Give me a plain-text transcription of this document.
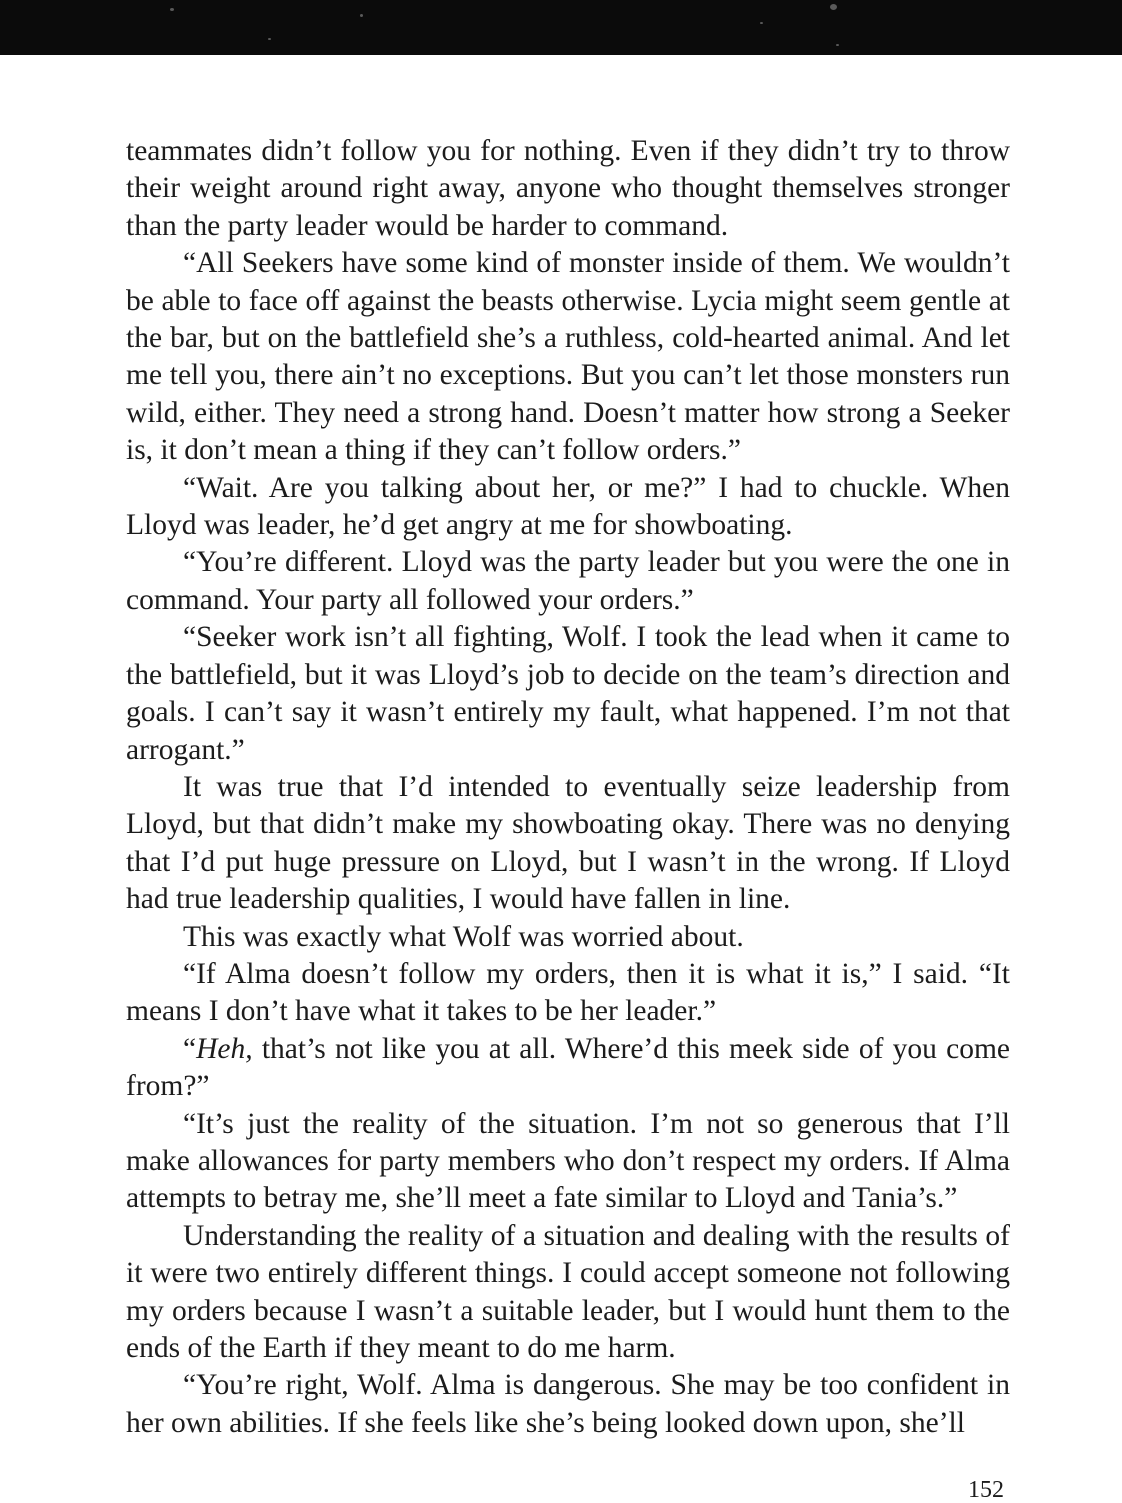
teammates didn’t follow you for nothing. Even if they didn’t try to throw their weight around right away, anyone who thought themselves stronger than the party leader would be harder to command.

“All Seekers have some kind of monster inside of them. We wouldn’t be able to face off against the beasts otherwise. Lycia might seem gentle at the bar, but on the battlefield she’s a ruthless, cold-hearted animal. And let me tell you, there ain’t no exceptions. But you can’t let those monsters run wild, either. They need a strong hand. Doesn’t matter how strong a Seeker is, it don’t mean a thing if they can’t follow orders.”

“Wait. Are you talking about her, or me?” I had to chuckle. When Lloyd was leader, he’d get angry at me for showboating.

“You’re different. Lloyd was the party leader but you were the one in command. Your party all followed your orders.”

“Seeker work isn’t all fighting, Wolf. I took the lead when it came to the battlefield, but it was Lloyd’s job to decide on the team’s direction and goals. I can’t say it wasn’t entirely my fault, what happened. I’m not that arrogant.”

It was true that I’d intended to eventually seize leadership from Lloyd, but that didn’t make my showboating okay. There was no denying that I’d put huge pressure on Lloyd, but I wasn’t in the wrong. If Lloyd had true leadership qualities, I would have fallen in line.

This was exactly what Wolf was worried about.

“If Alma doesn’t follow my orders, then it is what it is,” I said. “It means I don’t have what it takes to be her leader.”

“Heh, that’s not like you at all. Where’d this meek side of you come from?”

“It’s just the reality of the situation. I’m not so generous that I’ll make allowances for party members who don’t respect my orders. If Alma attempts to betray me, she’ll meet a fate similar to Lloyd and Tania’s.”

Understanding the reality of a situation and dealing with the results of it were two entirely different things. I could accept someone not following my orders because I wasn’t a suitable leader, but I would hunt them to the ends of the Earth if they meant to do me harm.

“You’re right, Wolf. Alma is dangerous. She may be too confident in her own abilities. If she feels like she’s being looked down upon, she’ll

152
